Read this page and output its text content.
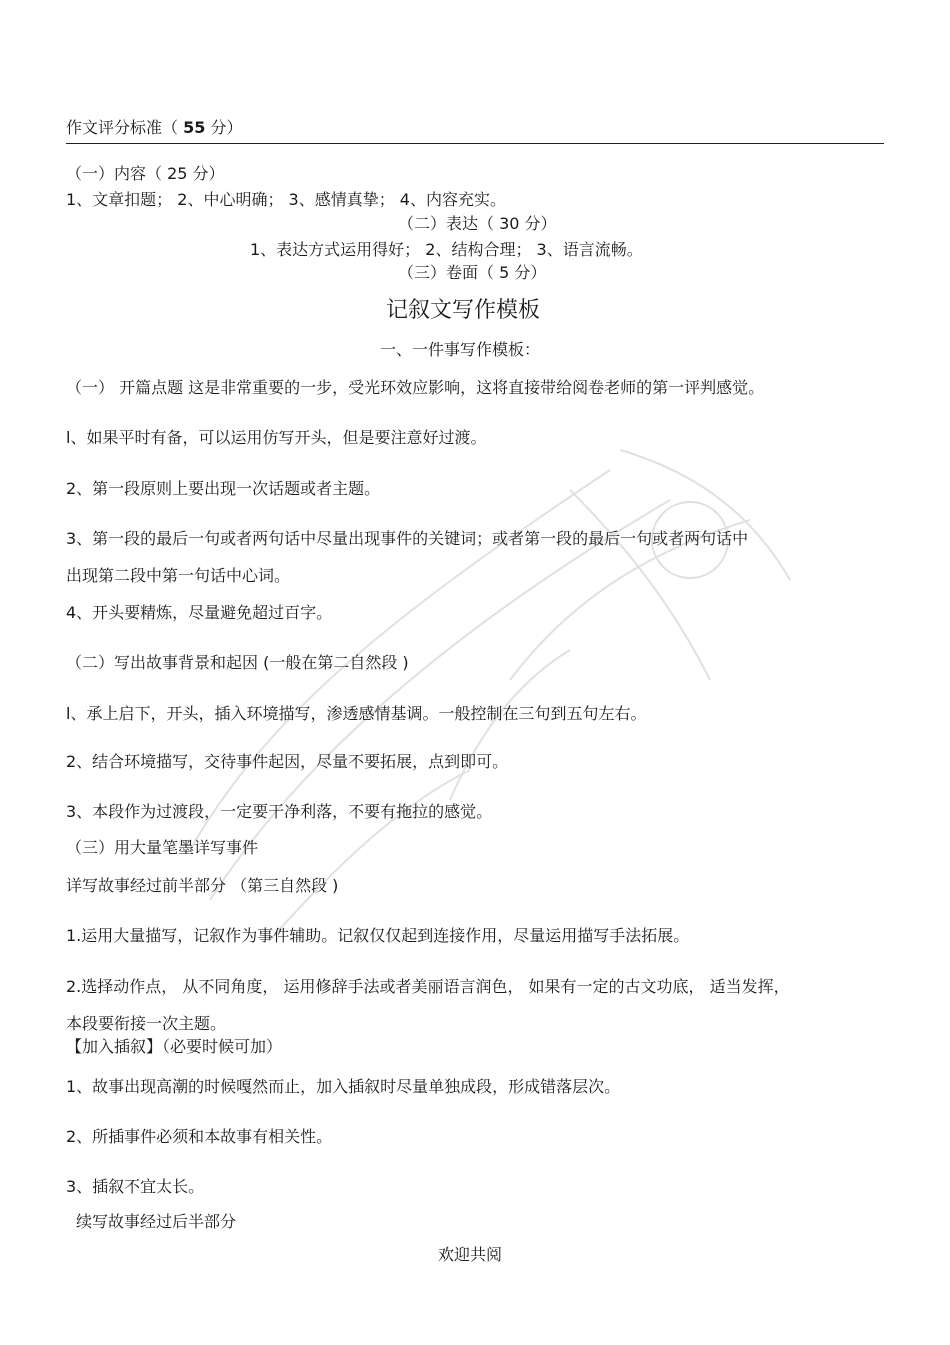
作文评分标准（ 55 分）
（一）内容（ 25 分）
1、文章扣题； 2、中心明确； 3、感情真挚； 4、内容充实。
（二）表达（ 30 分）
1、表达方式运用得好； 2、结构合理； 3、语言流畅。
（三）卷面（ 5 分）
记叙文写作模板
一、一件事写作模板：
（一） 开篇点题 这是非常重要的一步，受光环效应影响，这将直接带给阅卷老师的第一评判感觉。
l、如果平时有备，可以运用仿写开头，但是要注意好过渡。
2、第一段原则上要出现一次话题或者主题。
3、第一段的最后一句或者两句话中尽量出现事件的关键词；或者第一段的最后一句或者两句话中
出现第二段中第一句话中心词。
4、开头要精炼，尽量避免超过百字。
（二）写出故事背景和起因 (一般在第二自然段 )
l、承上启下，开头，插入环境描写，渗透感情基调。一般控制在三句到五句左右。
2、结合环境描写，交待事件起因，尽量不要拓展，点到即可。
3、本段作为过渡段，一定要干净利落，不要有拖拉的感觉。
（三）用大量笔墨详写事件
详写故事经过前半部分 （第三自然段 )
1.运用大量描写，记叙作为事件辅助。记叙仅仅起到连接作用，尽量运用描写手法拓展。
2.选择动作点， 从不同角度， 运用修辞手法或者美丽语言润色， 如果有一定的古文功底， 适当发挥，
本段要衔接一次主题。
【加入插叙】（必要时候可加）
1、故事出现高潮的时候嘎然而止，加入插叙时尽量单独成段，形成错落层次。
2、所插事件必须和本故事有相关性。
3、插叙不宜太长。
续写故事经过后半部分
欢迎共阅
